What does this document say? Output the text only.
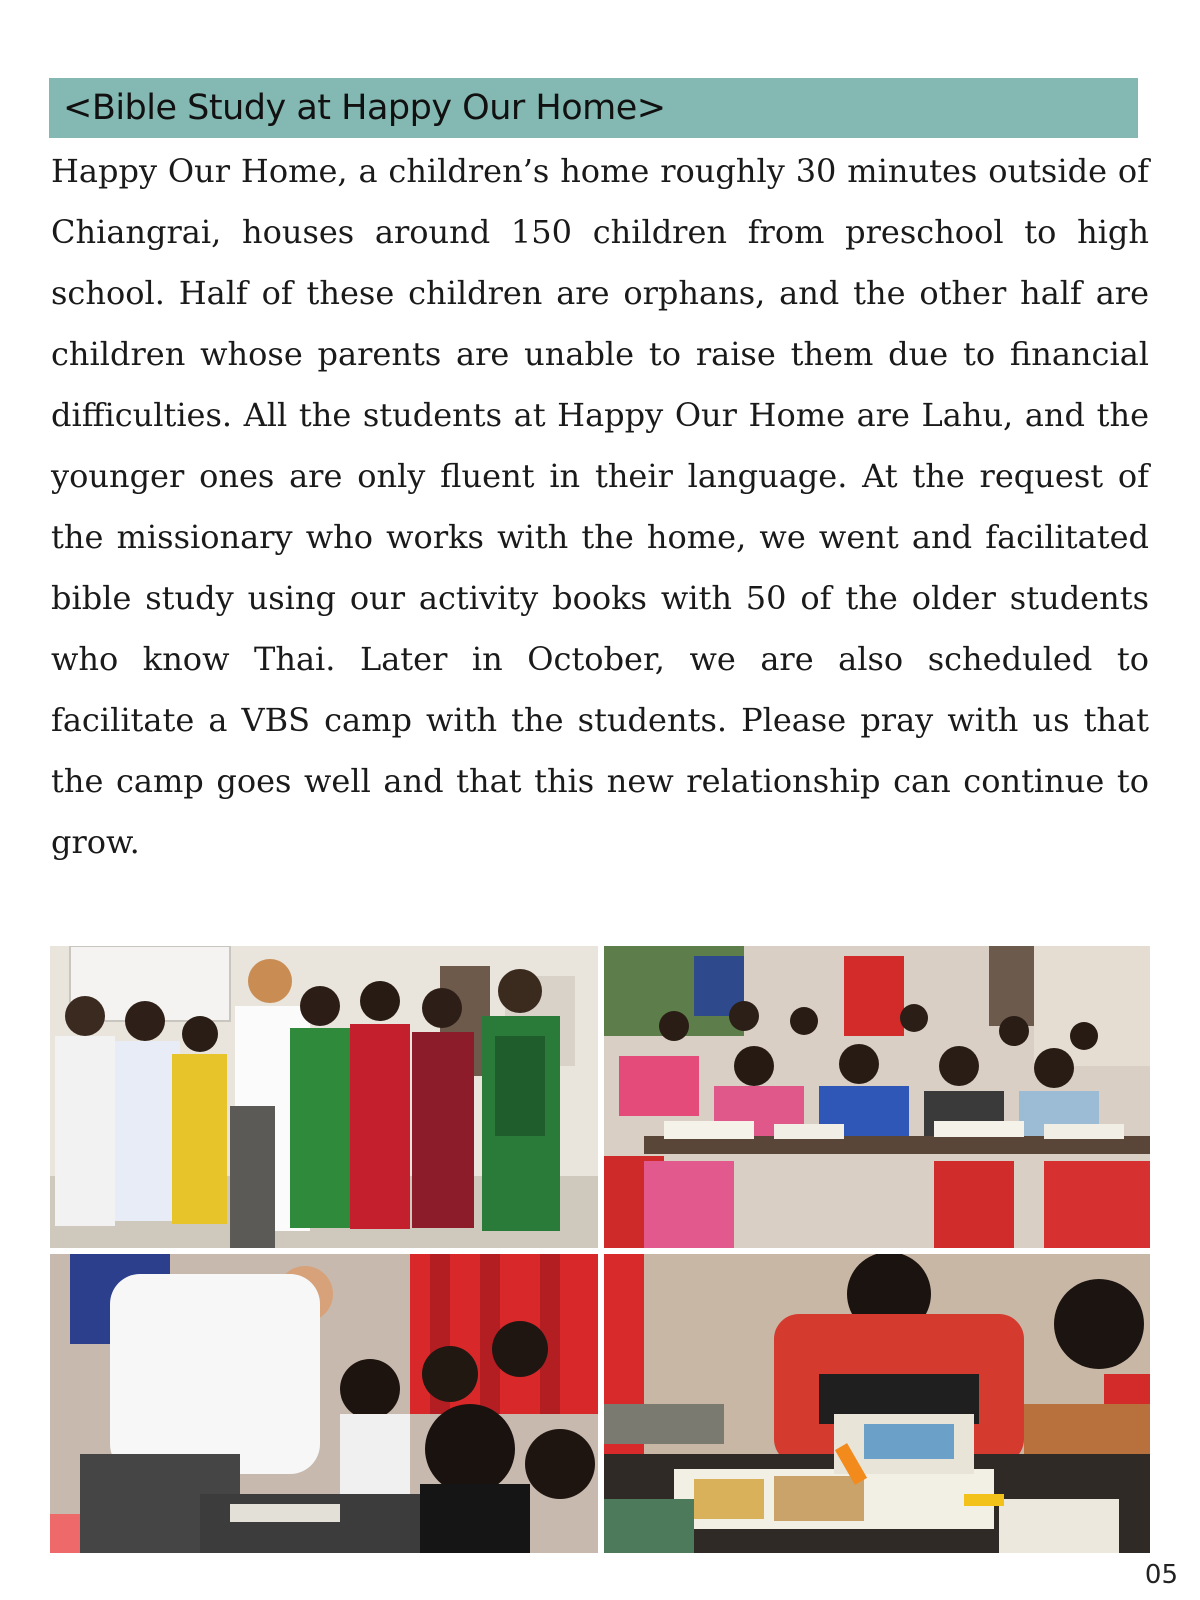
<Bible Study at Happy Our Home>

Happy Our Home, a children’s home roughly 30 minutes outside of Chiangrai, houses around 150 children from preschool to high school. Half of these children are orphans, and the other half are children whose parents are unable to raise them due to financial difficulties. All the students at Happy Our Home are Lahu, and the younger ones are only fluent in their language. At the request of the missionary who works with the home, we went and facilitated bible study using our activity books with 50 of the older students who know Thai. Later in October, we are also scheduled to facilitate a VBS camp with the students. Please pray with us that the camp goes well and that this new relationship can continue to grow.

05
